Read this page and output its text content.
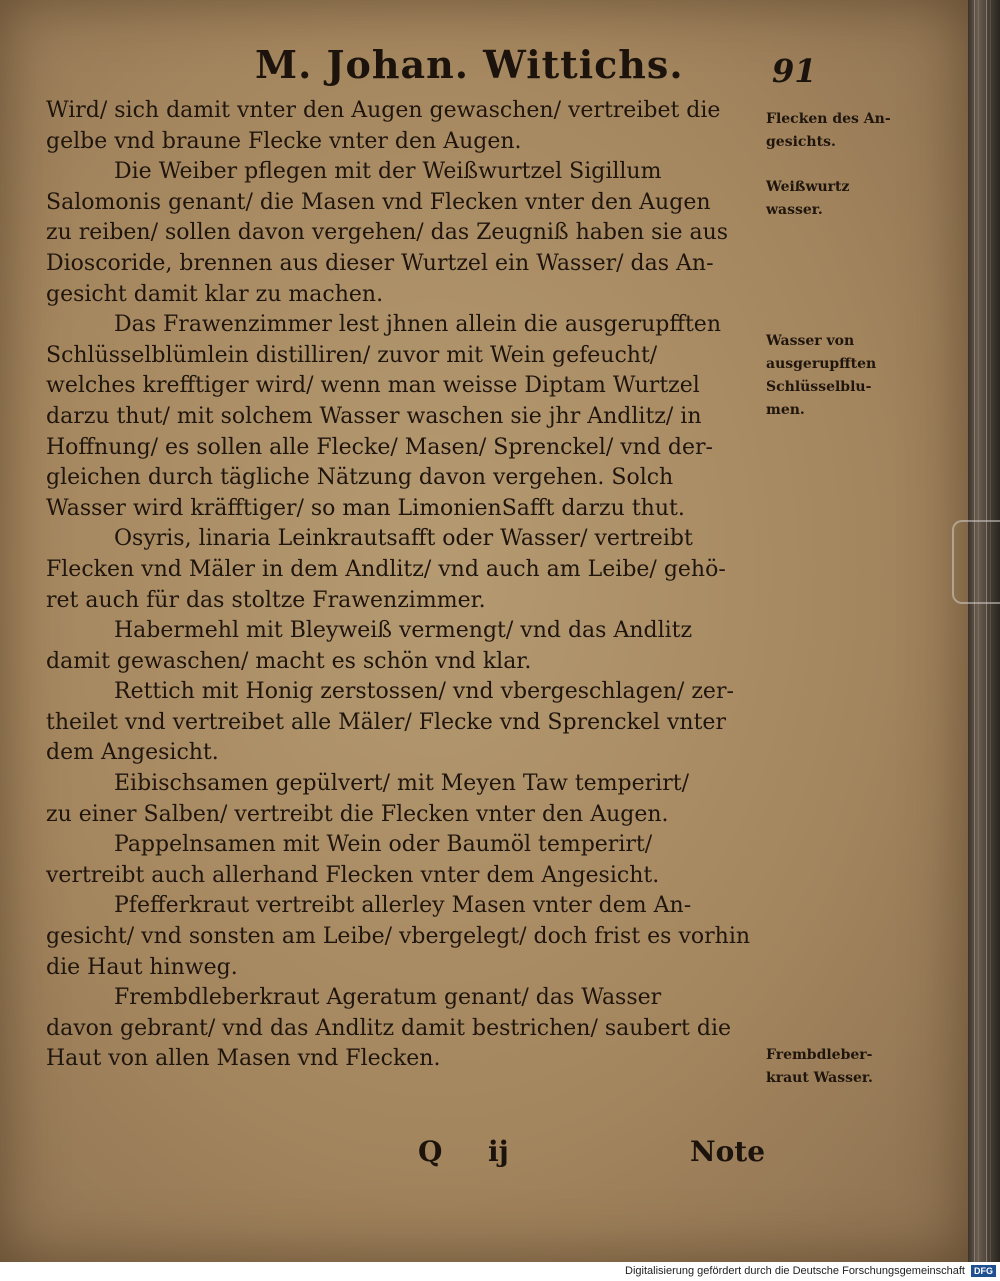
M. Johan. Wittichs.	91
Wird/ sich damit vnter den Augen gewaschen/ vertreibet die
gelbe vnd braune Flecke vnter den Augen.
Die Weiber pflegen mit der Weißwurtzel Sigillum
Salomonis genant/ die Masen vnd Flecken vnter den Augen
zu reiben/ sollen davon vergehen/ das Zeugniß haben sie aus
Dioscoride, brennen aus dieser Wurtzel ein Wasser/ das An-
gesicht damit klar zu machen.
Das Frawenzimmer lest jhnen allein die ausgerupfften
Schlüsselblümlein distilliren/ zuvor mit Wein gefeucht/
welches krefftiger wird/ wenn man weisse Diptam Wurtzel
darzu thut/ mit solchem Wasser waschen sie jhr Andlitz/ in
Hoffnung/ es sollen alle Flecke/ Masen/ Sprenckel/ vnd der-
gleichen durch tägliche Nätzung davon vergehen. Solch
Wasser wird kräfftiger/ so man LimonienSafft darzu thut.
Osyris, linaria Leinkrautsafft oder Wasser/ vertreibt
Flecken vnd Mäler in dem Andlitz/ vnd auch am Leibe/ gehö-
ret auch für das stoltze Frawenzimmer.
Habermehl mit Bleyweiß vermengt/ vnd das Andlitz
damit gewaschen/ macht es schön vnd klar.
Rettich mit Honig zerstossen/ vnd vbergeschlagen/ zer-
theilet vnd vertreibet alle Mäler/ Flecke vnd Sprenckel vnter
dem Angesicht.
Eibischsamen gepülvert/ mit Meyen Taw temperirt/
zu einer Salben/ vertreibt die Flecken vnter den Augen.
Pappelnsamen mit Wein oder Baumöl temperirt/
vertreibt auch allerhand Flecken vnter dem Angesicht.
Pfefferkraut vertreibt allerley Masen vnter dem An-
gesicht/ vnd sonsten am Leibe/ vbergelegt/ doch frist es vorhin
die Haut hinweg.
Frembdleberkraut Ageratum genant/ das Wasser
davon gebrant/ vnd das Andlitz damit bestrichen/ saubert die
Haut von allen Masen vnd Flecken.
Flecken des An-
gesichts.
Weißwurtz
wasser.
Wasser von
ausgerupfften
Schlüsselblu-
men.
Frembdleber-
kraut Wasser.
Q ij	Note
Digitalisierung gefördert durch die Deutsche Forschungsgemeinschaft DFG
